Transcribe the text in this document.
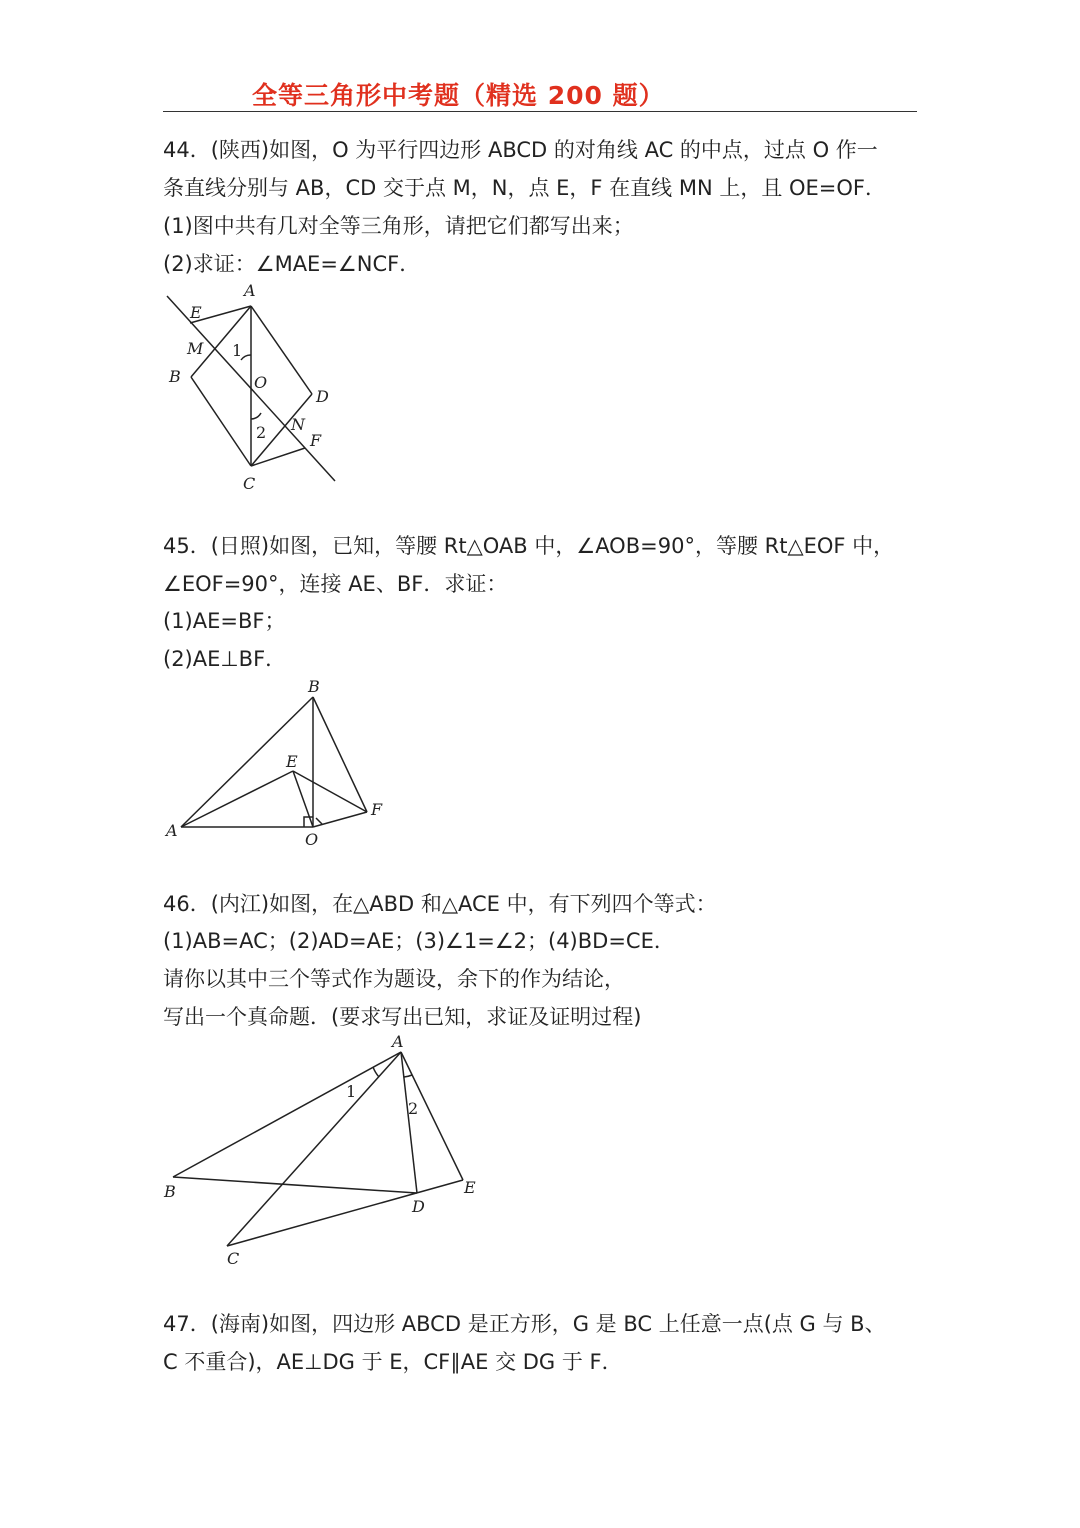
全等三角形中考题（精选 200 题）
44．(陕西)如图，O 为平行四边形 ABCD 的对角线 AC 的中点，过点 O 作一
条直线分别与 AB，CD 交于点 M，N，点 E，F 在直线 MN 上，且 OE=OF．
(1)图中共有几对全等三角形，请把它们都写出来；
(2)求证：∠MAE=∠NCF．
A
E
M
B
1
O
D
2 N
F
C
45．(日照)如图，已知，等腰 Rt△OAB 中，∠AOB=90°，等腰 Rt△EOF 中，
∠EOF=90°，连接 AE、BF．求证：
(1)AE=BF；
(2)AE⊥BF．
B
E
F
A	O
46．(内江)如图，在△ABD 和△ACE 中，有下列四个等式：
(1)AB=AC；(2)AD=AE；(3)∠1=∠2；(4)BD=CE．
请你以其中三个等式作为题设，余下的作为结论，
写出一个真命题．(要求写出已知，求证及证明过程)
A
1
2
B	E
D
C
47．(海南)如图，四边形 ABCD 是正方形，G 是 BC 上任意一点(点 G 与 B、
C 不重合)，AE⊥DG 于 E，CF∥AE 交 DG 于 F．
